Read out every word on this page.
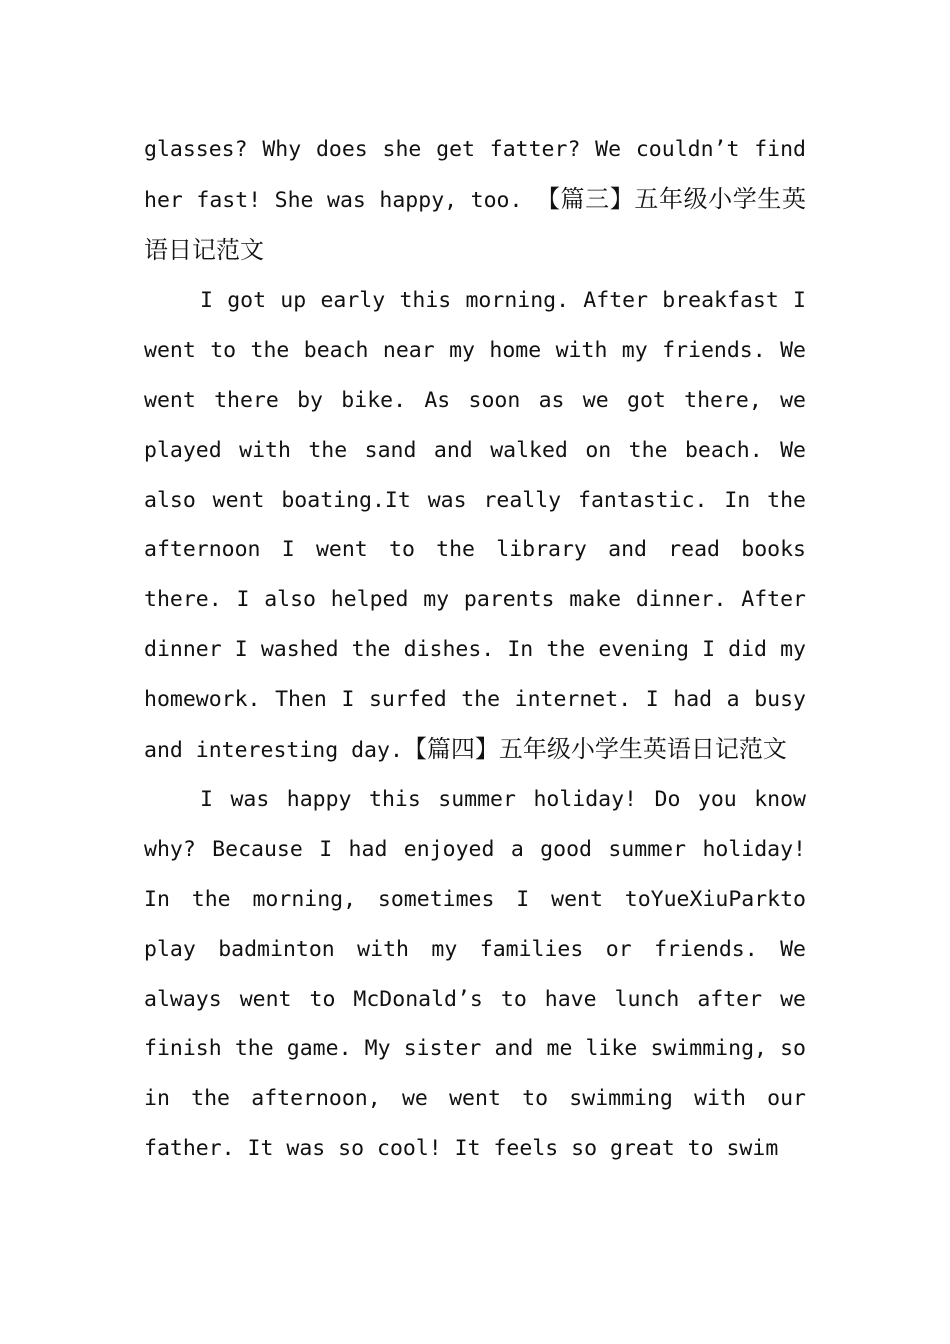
glasses? Why does she get fatter? We couldn’t find her fast! She was happy, too. 【篇三】五年级小学生英语日记范文

I got up early this morning. After breakfast I went to the beach near my home with my friends. We went there by bike. As soon as we got there, we played with the sand and walked on the beach. We also went boating.It was really fantastic. In the afternoon I went to the library and read books there. I also helped my parents make dinner. After dinner I washed the dishes. In the evening I did my homework. Then I surfed the internet. I had a busy and interesting day.【篇四】五年级小学生英语日记范文

I was happy this summer holiday! Do you know why? Because I had enjoyed a good summer holiday! In the morning, sometimes I went toYueXiuParkto play badminton with my families or friends. We always went to McDonald’s to have lunch after we finish the game. My sister and me like swimming, so in the afternoon, we went to swimming with our father. It was so cool! It feels so great to swim
